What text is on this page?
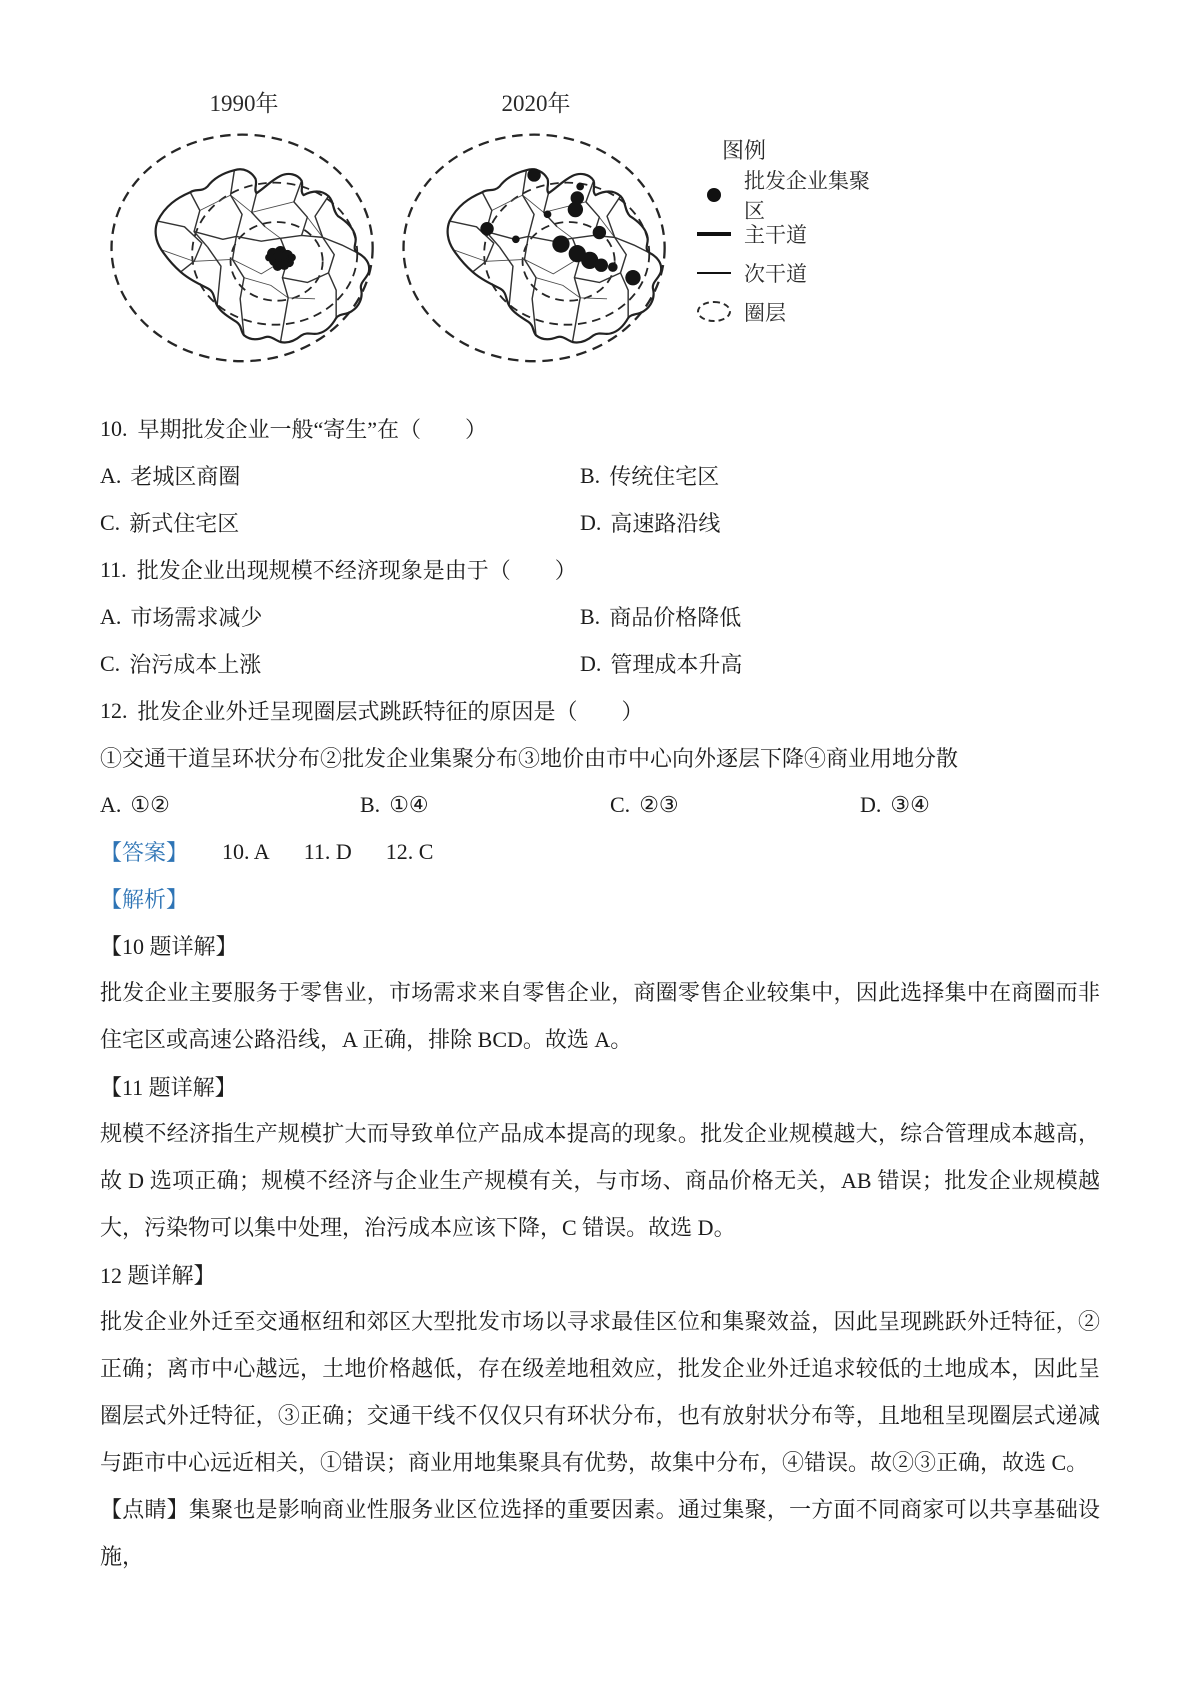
1990年	2020年
图例
批发企业集聚区
主干道
次干道
圈层
10. 早期批发企业一般“寄生”在（　　）
A. 老城区商圈	B. 传统住宅区
C. 新式住宅区	D. 高速路沿线
11. 批发企业出现规模不经济现象是由于（　　）
A. 市场需求减少	B. 商品价格降低
C. 治污成本上涨	D. 管理成本升高
12. 批发企业外迁呈现圈层式跳跃特征的原因是（　　）
①交通干道呈环状分布②批发企业集聚分布③地价由市中心向外逐层下降④商业用地分散
A. ①②	B. ①④	C. ②③	D. ③④
【答案】 10. A 11. D 12. C
【解析】
【10 题详解】

批发企业主要服务于零售业，市场需求来自零售企业，商圈零售企业较集中，因此选择集中在商圈而非住宅区或高速公路沿线，A 正确，排除 BCD。故选 A。

【11 题详解】

规模不经济指生产规模扩大而导致单位产品成本提高的现象。批发企业规模越大，综合管理成本越高，故 D 选项正确；规模不经济与企业生产规模有关，与市场、商品价格无关，AB 错误；批发企业规模越大，污染物可以集中处理，治污成本应该下降，C 错误。故选 D。

12 题详解】

批发企业外迁至交通枢纽和郊区大型批发市场以寻求最佳区位和集聚效益，因此呈现跳跃外迁特征，②正确；离市中心越远，土地价格越低，存在级差地租效应，批发企业外迁追求较低的土地成本，因此呈圈层式外迁特征，③正确；交通干线不仅仅只有环状分布，也有放射状分布等，且地租呈现圈层式递减与距市中心远近相关，①错误；商业用地集聚具有优势，故集中分布，④错误。故②③正确，故选 C。

【点睛】集聚也是影响商业性服务业区位选择的重要因素。通过集聚，一方面不同商家可以共享基础设施，
